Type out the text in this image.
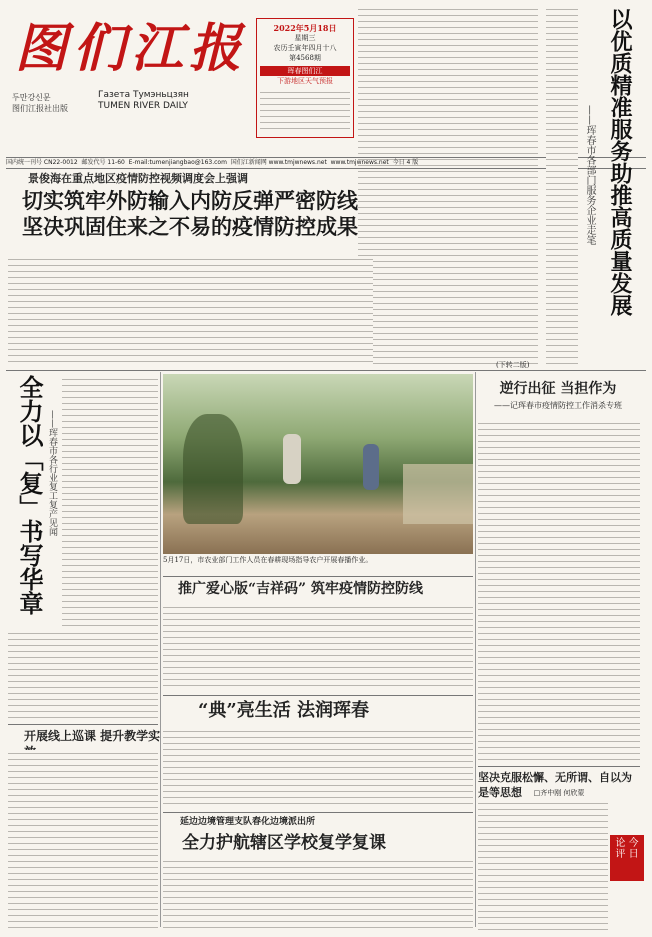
图们江报
두만강신문
图们江报社出版
Газета Тумэньцзян
TUMEN RIVER DAILY
2022年5月18日
星期三
农历壬寅年四月十八
第4568期
珲春图们江
下游地区天气预报
国内统一刊号 CN22-0012 邮发代号 11-60 E-mail:tumenjiangbao@163.com 国们江新闻网 www.tmjwnews.net www.tmjwnews.net 今日 4 版
景俊海在重点地区疫情防控视频调度会上强调
切实筑牢外防输入内防反弹严密防线
坚决巩固住来之不易的疫情防控成果	以优质精准服务助推高质量发展
——珲春市各部门服务企业走笔
(下转二版)
全力以「复」书写华章 ——珲春市各行业复工复产见闻
5月17日，市农业部门工作人员在春耕现场指导农户开展春播作业。
逆行出征 当担作为
——记珲春市疫情防控工作消杀专班
推广爱心版“吉祥码” 筑牢疫情防控防线
“典”亮生活 法润珲春
开展线上巡课 提升教学实
延边边境管理支队春化边境派出所
全力护航辖区学校复学复课
坚决克服松懈、无所谓、自以为是等思想	□齐中刚 何欣蒙
论 今 评 日
